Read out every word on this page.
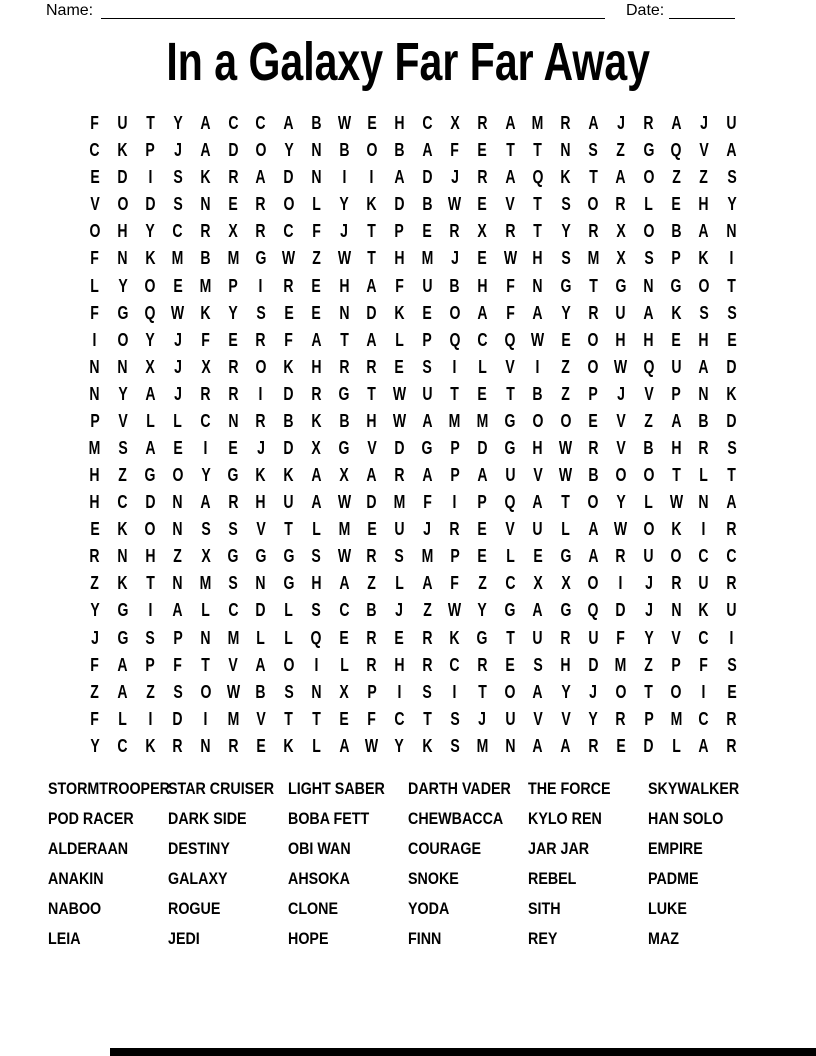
Name:	Date:
In a Galaxy Far Far Away
F U T Y A C C A B W E H C X R A M R A J R A J U
C K P J A D O Y N B O B A F E T T N S Z G Q V A
E D I S K R A D N I I A D J R A Q K T A O Z Z S
V O D S N E R O L Y K D B W E V T S O R L E H Y
O H Y C R X R C F J T P E R X R T Y R X O B A N
F N K M B M G W Z W T H M J E W H S M X S P K I
L Y O E M P I R E H A F U B H F N G T G N G O T
F G Q W K Y S E E N D K E O A F A Y R U A K S S
I O Y J F E R F A T A L P Q C Q W E O H H E H E
N N X J X R O K H R R E S I L V I Z O W Q U A D
N Y A J R R I D R G T W U T E T B Z P J V P N K
P V L L C N R B K B H W A M M G O O E V Z A B D
M S A E I E J D X G V D G P D G H W R V B H R S
H Z G O Y G K K A X A R A P A U V W B O O T L T
H C D N A R H U A W D M F I P Q A T O Y L W N A
E K O N S S V T L M E U J R E V U L A W O K I R
R N H Z X G G G S W R S M P E L E G A R U O C C
Z K T N M S N G H A Z L A F Z C X X O I J R U R
Y G I A L C D L S C B J Z W Y G A G Q D J N K U
J G S P N M L L Q E R E R K G T U R U F Y V C I
F A P F T V A O I L R H R C R E S H D M Z P F S
Z A Z S O W B S N X P I S I T O A Y J O T O I E
F L I D I M V T T E F C T S J U V V Y R P M C R
Y C K R N R E K L A W Y K S M N A A R E D L A R
STORMTROOPER
POD RACER
ALDERAAN
ANAKIN
NABOO
LEIA
STAR CRUISER
DARK SIDE
DESTINY
GALAXY
ROGUE
JEDI
LIGHT SABER
BOBA FETT
OBI WAN
AHSOKA
CLONE
HOPE
DARTH VADER
CHEWBACCA
COURAGE
SNOKE
YODA
FINN
THE FORCE
KYLO REN
JAR JAR
REBEL
SITH
REY
SKYWALKER
HAN SOLO
EMPIRE
PADME
LUKE
MAZ
